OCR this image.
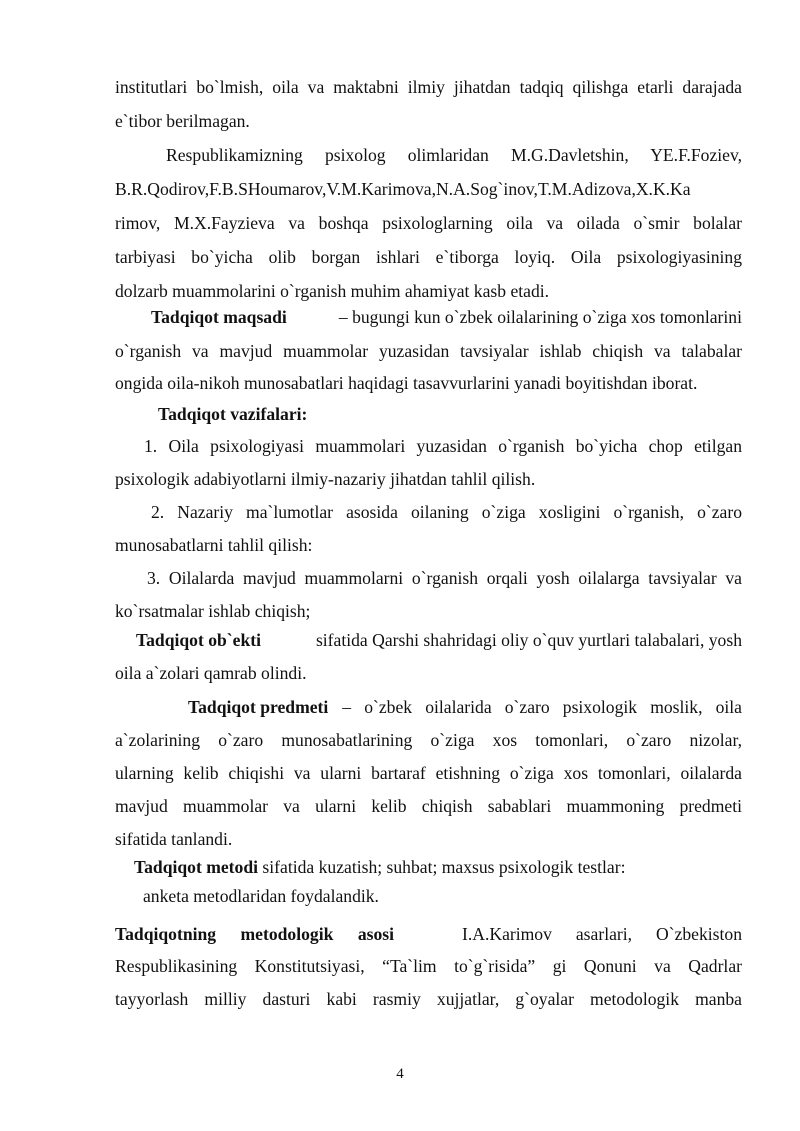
institutlari bo`lmish, oila va maktabni ilmiy jihatdan tadqiq qilishga etarli darajada
e`tibor berilmagan.
Respublikamizning psixolog olimlaridan M.G.Davletshin, YE.F.Foziev,
B.R.Qodirov,F.B.SHoumarov,V.M.Karimova,N.A.Sog`inov,T.M.Adizova,X.K.Ka
rimov, M.X.Fayzieva va boshqa psixologlarning oila va oilada o`smir bolalar
tarbiyasi bo`yicha olib borgan ishlari e`tiborga loyiq. Oila psixologiyasining
dolzarb muammolarini o`rganish muhim ahamiyat kasb etadi.
Tadqiqot maqsadi	– bugungi kun o`zbek oilalarining o`ziga xos tomonlarini
o`rganish va mavjud muammolar yuzasidan tavsiyalar ishlab chiqish va talabalar
ongida oila-nikoh munosabatlari haqidagi tasavvurlarini yanadi boyitishdan iborat.
Tadqiqot vazifalari:
1. Oila psixologiyasi muammolari yuzasidan o`rganish bo`yicha chop etilgan
psixologik adabiyotlarni ilmiy-nazariy jihatdan tahlil qilish.
2. Nazariy ma`lumotlar asosida oilaning o`ziga xosligini o`rganish, o`zaro
munosabatlarni tahlil qilish:
3. Oilalarda mavjud muammolarni o`rganish orqali yosh oilalarga tavsiyalar va
ko`rsatmalar ishlab chiqish;
Tadqiqot ob`ekti	sifatida Qarshi shahridagi oliy o`quv yurtlari talabalari, yosh
oila a`zolari qamrab olindi.
Tadqiqot predmeti – o`zbek oilalarida o`zaro psixologik moslik, oila
a`zolarining o`zaro munosabatlarining o`ziga xos tomonlari, o`zaro nizolar,
ularning kelib chiqishi va ularni bartaraf etishning o`ziga xos tomonlari, oilalarda
mavjud muammolar va ularni kelib chiqish sabablari muammoning predmeti
sifatida tanlandi.
Tadqiqot metodi sifatida kuzatish; suhbat; maxsus psixologik testlar:
anketa metodlaridan foydalandik.
Tadqiqotning metodologik asosi	I.A.Karimov asarlari, O`zbekiston
Respublikasining Konstitutsiyasi, “Ta`lim to`g`risida” gi Qonuni va Qadrlar
tayyorlash milliy dasturi kabi rasmiy xujjatlar, g`oyalar metodologik manba
4
